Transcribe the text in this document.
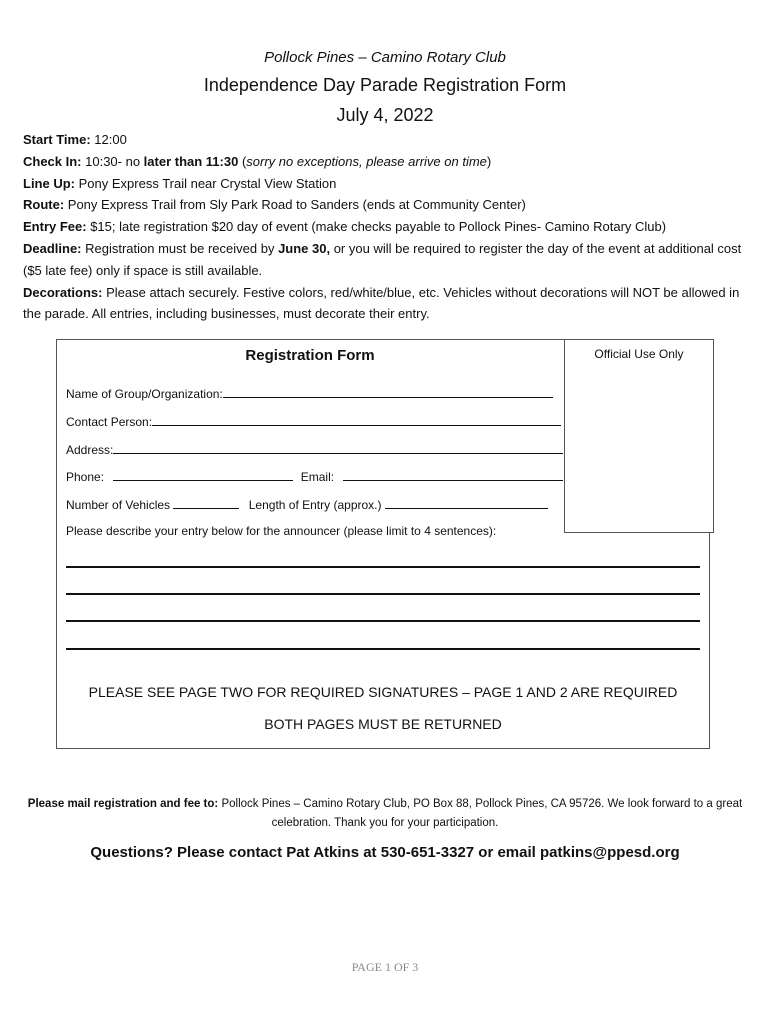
Pollock Pines – Camino Rotary Club
Independence Day Parade Registration Form
July 4, 2022
Start Time: 12:00
Check In: 10:30- no later than 11:30 (sorry no exceptions, please arrive on time)
Line Up: Pony Express Trail near Crystal View Station
Route: Pony Express Trail from Sly Park Road to Sanders (ends at Community Center)
Entry Fee: $15; late registration $20 day of event (make checks payable to Pollock Pines- Camino Rotary Club)
Deadline: Registration must be received by June 30, or you will be required to register the day of the event at additional cost ($5 late fee) only if space is still available.
Decorations: Please attach securely. Festive colors, red/white/blue, etc. Vehicles without decorations will NOT be allowed in the parade. All entries, including businesses, must decorate their entry.
Official Use Only
Registration Form
Name of Group/Organization:
Contact Person:
Address:
Phone:	Email:
Number of Vehicles	Length of Entry (approx.)
Please describe your entry below for the announcer (please limit to 4 sentences):
PLEASE SEE PAGE TWO FOR REQUIRED SIGNATURES – PAGE 1 AND 2 ARE REQUIRED
BOTH PAGES MUST BE RETURNED
Please mail registration and fee to: Pollock Pines – Camino Rotary Club, PO Box 88, Pollock Pines, CA 95726. We look forward to a great celebration. Thank you for your participation.
Questions? Please contact Pat Atkins at 530-651-3327 or email patkins@ppesd.org
PAGE 1 OF 3
